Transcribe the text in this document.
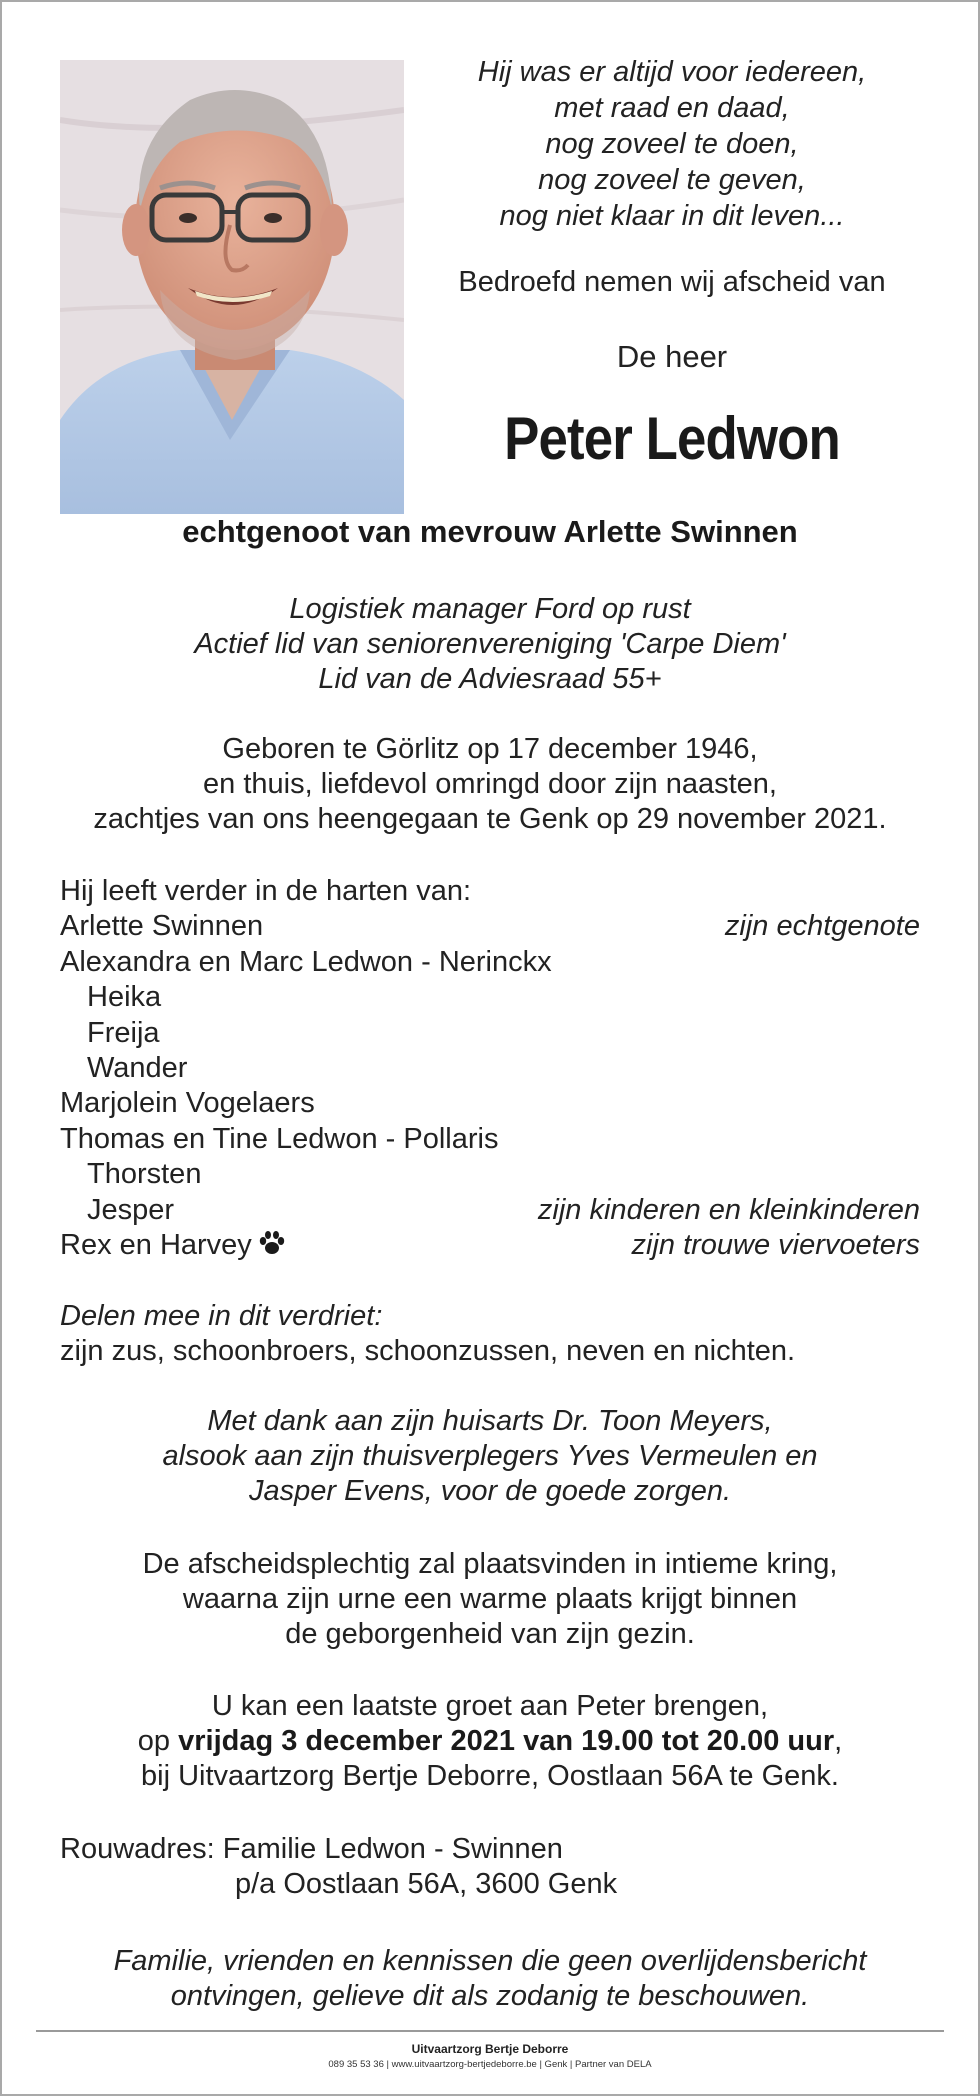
Hij was er altijd voor iedereen,
met raad en daad,
nog zoveel te doen,
nog zoveel te geven,
nog niet klaar in dit leven...
Bedroefd nemen wij afscheid van
De heer
Peter Ledwon
echtgenoot van mevrouw Arlette Swinnen
Logistiek manager Ford op rust
Actief lid van seniorenvereniging 'Carpe Diem'
Lid van de Adviesraad 55+
Geboren te Görlitz op 17 december 1946,
en thuis, liefdevol omringd door zijn naasten,
zachtjes van ons heengegaan te Genk op 29 november 2021.
Hij leeft verder in de harten van:
Arlette Swinnen	zijn echtgenote
Alexandra en Marc Ledwon - Nerinckx
Heika
Freija
Wander
Marjolein Vogelaers
Thomas en Tine Ledwon - Pollaris
Thorsten
Jesper	zijn kinderen en kleinkinderen
Rex en Harvey	zijn trouwe viervoeters
Delen mee in dit verdriet:
zijn zus, schoonbroers, schoonzussen, neven en nichten.
Met dank aan zijn huisarts Dr. Toon Meyers,
alsook aan zijn thuisverplegers Yves Vermeulen en
Jasper Evens, voor de goede zorgen.
De afscheidsplechtig zal plaatsvinden in intieme kring,
waarna zijn urne een warme plaats krijgt binnen
de geborgenheid van zijn gezin.
U kan een laatste groet aan Peter brengen,
op vrijdag 3 december 2021 van 19.00 tot 20.00 uur,
bij Uitvaartzorg Bertje Deborre, Oostlaan 56A te Genk.
Rouwadres: Familie Ledwon - Swinnen
p/a Oostlaan 56A, 3600 Genk
Familie, vrienden en kennissen die geen overlijdensbericht
ontvingen, gelieve dit als zodanig te beschouwen.
Uitvaartzorg Bertje Deborre
089 35 53 36 | www.uitvaartzorg-bertjedeborre.be | Genk | Partner van DELA
